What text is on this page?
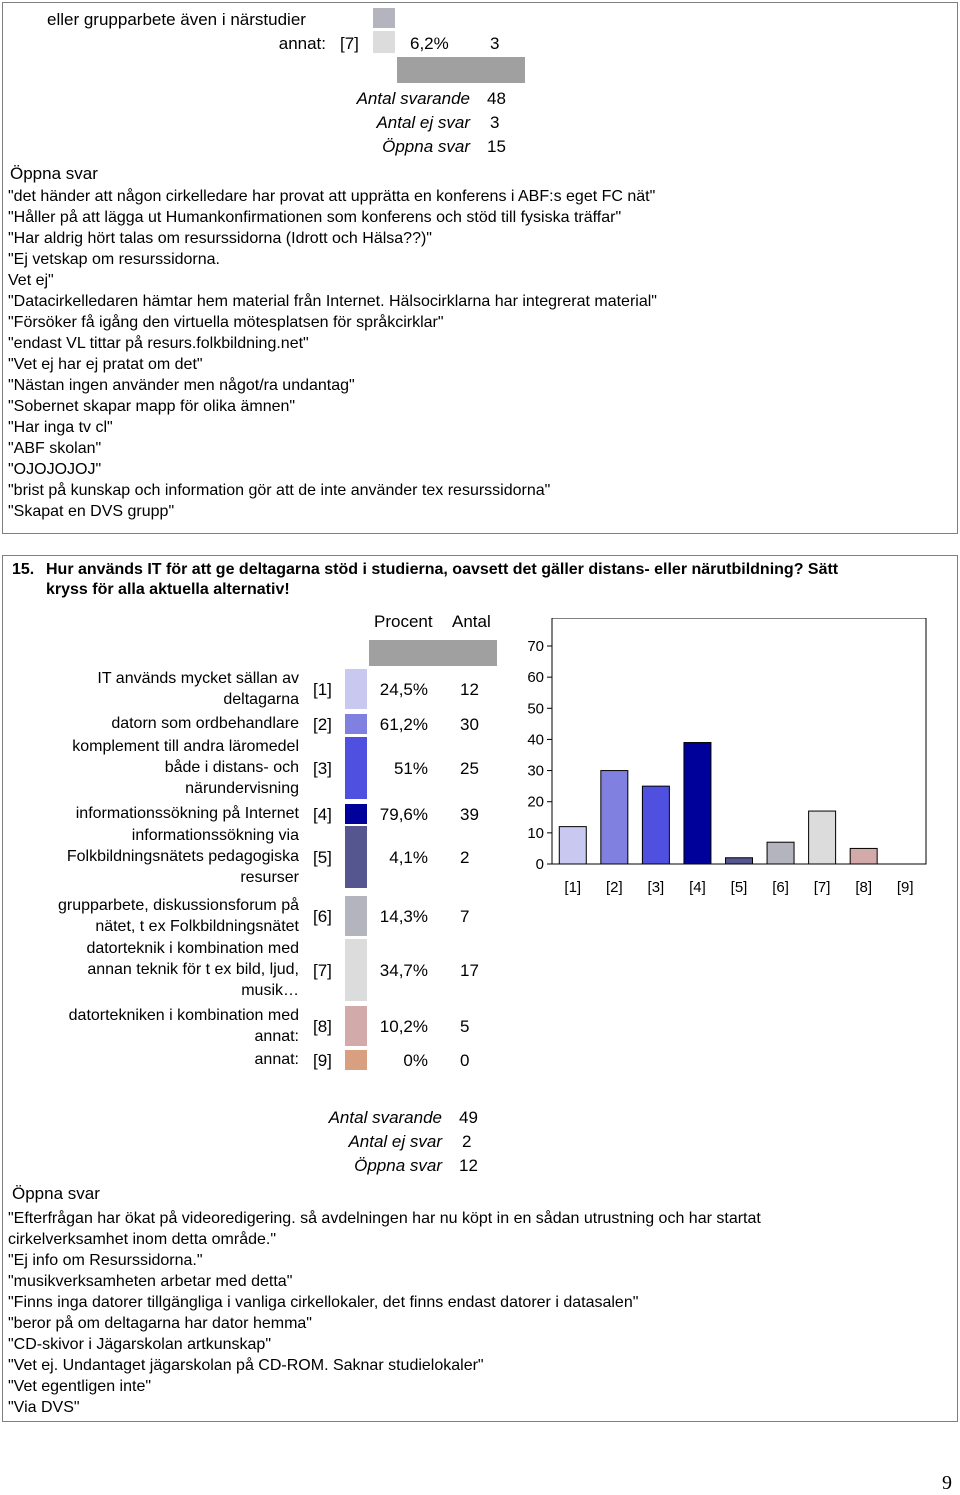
eller grupparbete även i närstudier
annat: [7]	6,2% 3
Antal svarande 48
Antal ej svar 3
Öppna svar 15
Öppna svar
"det händer att någon cirkelledare har provat att upprätta en konferens i ABF:s eget FC nät"
"Håller på att lägga ut Humankonfirmationen som konferens och stöd till fysiska träffar"
"Har aldrig hört talas om resurssidorna (Idrott och Hälsa??)"
"Ej vetskap om resurssidorna.
Vet ej"
"Datacirkelledaren hämtar hem material från Internet. Hälsocirklarna har integrerat material"
"Försöker få igång den virtuella mötesplatsen för språkcirklar"
"endast VL tittar på resurs.folkbildning.net"
"Vet ej har ej pratat om det"
"Nästan ingen använder men något/ra undantag"
"Sobernet skapar mapp för olika ämnen"
"Har inga tv cl"
"ABF skolan"
"OJOJOJOJ"
"brist på kunskap och information gör att de inte använder tex resurssidorna"
"Skapat en DVS grupp"
15. Hur används IT för att ge deltagarna stöd i studierna, oavsett det gäller distans- eller närutbildning? Sätt
kryss för alla aktuella alternativ!
Procent Antal
IT används mycket sällan av
deltagarna
[1]	24,5% 12
datorn som ordbehandlare [2]	61,2% 30
komplement till andra läromedel
både i distans- och
närundervisning
[3]	51% 25
informationssökning på Internet [4]	79,6% 39
informationssökning via
Folkbildningsnätets pedagogiska
resurser
[5]	4,1% 2
grupparbete, diskussionsforum på
nätet, t ex Folkbildningsnätet
[6]	14,3% 7
datorteknik i kombination med
annan teknik för t ex bild, ljud,
musik…
[7]	34,7% 17
datortekniken i kombination med
annat:
[8]	10,2% 5
annat: [9]	0% 0
Antal svarande 49
Antal ej svar 2
Öppna svar 12
Öppna svar
"Efterfrågan har ökat på videoredigering. så avdelningen har nu köpt in en sådan utrustning och har startat
cirkelverksamhet inom detta område."
"Ej info om Resurssidorna."
"musikverksamheten arbetar med detta"
"Finns inga datorer tillgängliga i vanliga cirkellokaler, det finns endast datorer i datasalen"
"beror på om deltagarna har dator hemma"
"CD-skivor i Jägarskolan artkunskap"
"Vet ej. Undantaget jägarskolan på CD-ROM. Saknar studielokaler"
"Vet egentligen inte"
"Via DVS"
0
10
20
30
40
50
60
70
[1] [2] [3] [4] [5] [6] [7] [8] [9]
9
